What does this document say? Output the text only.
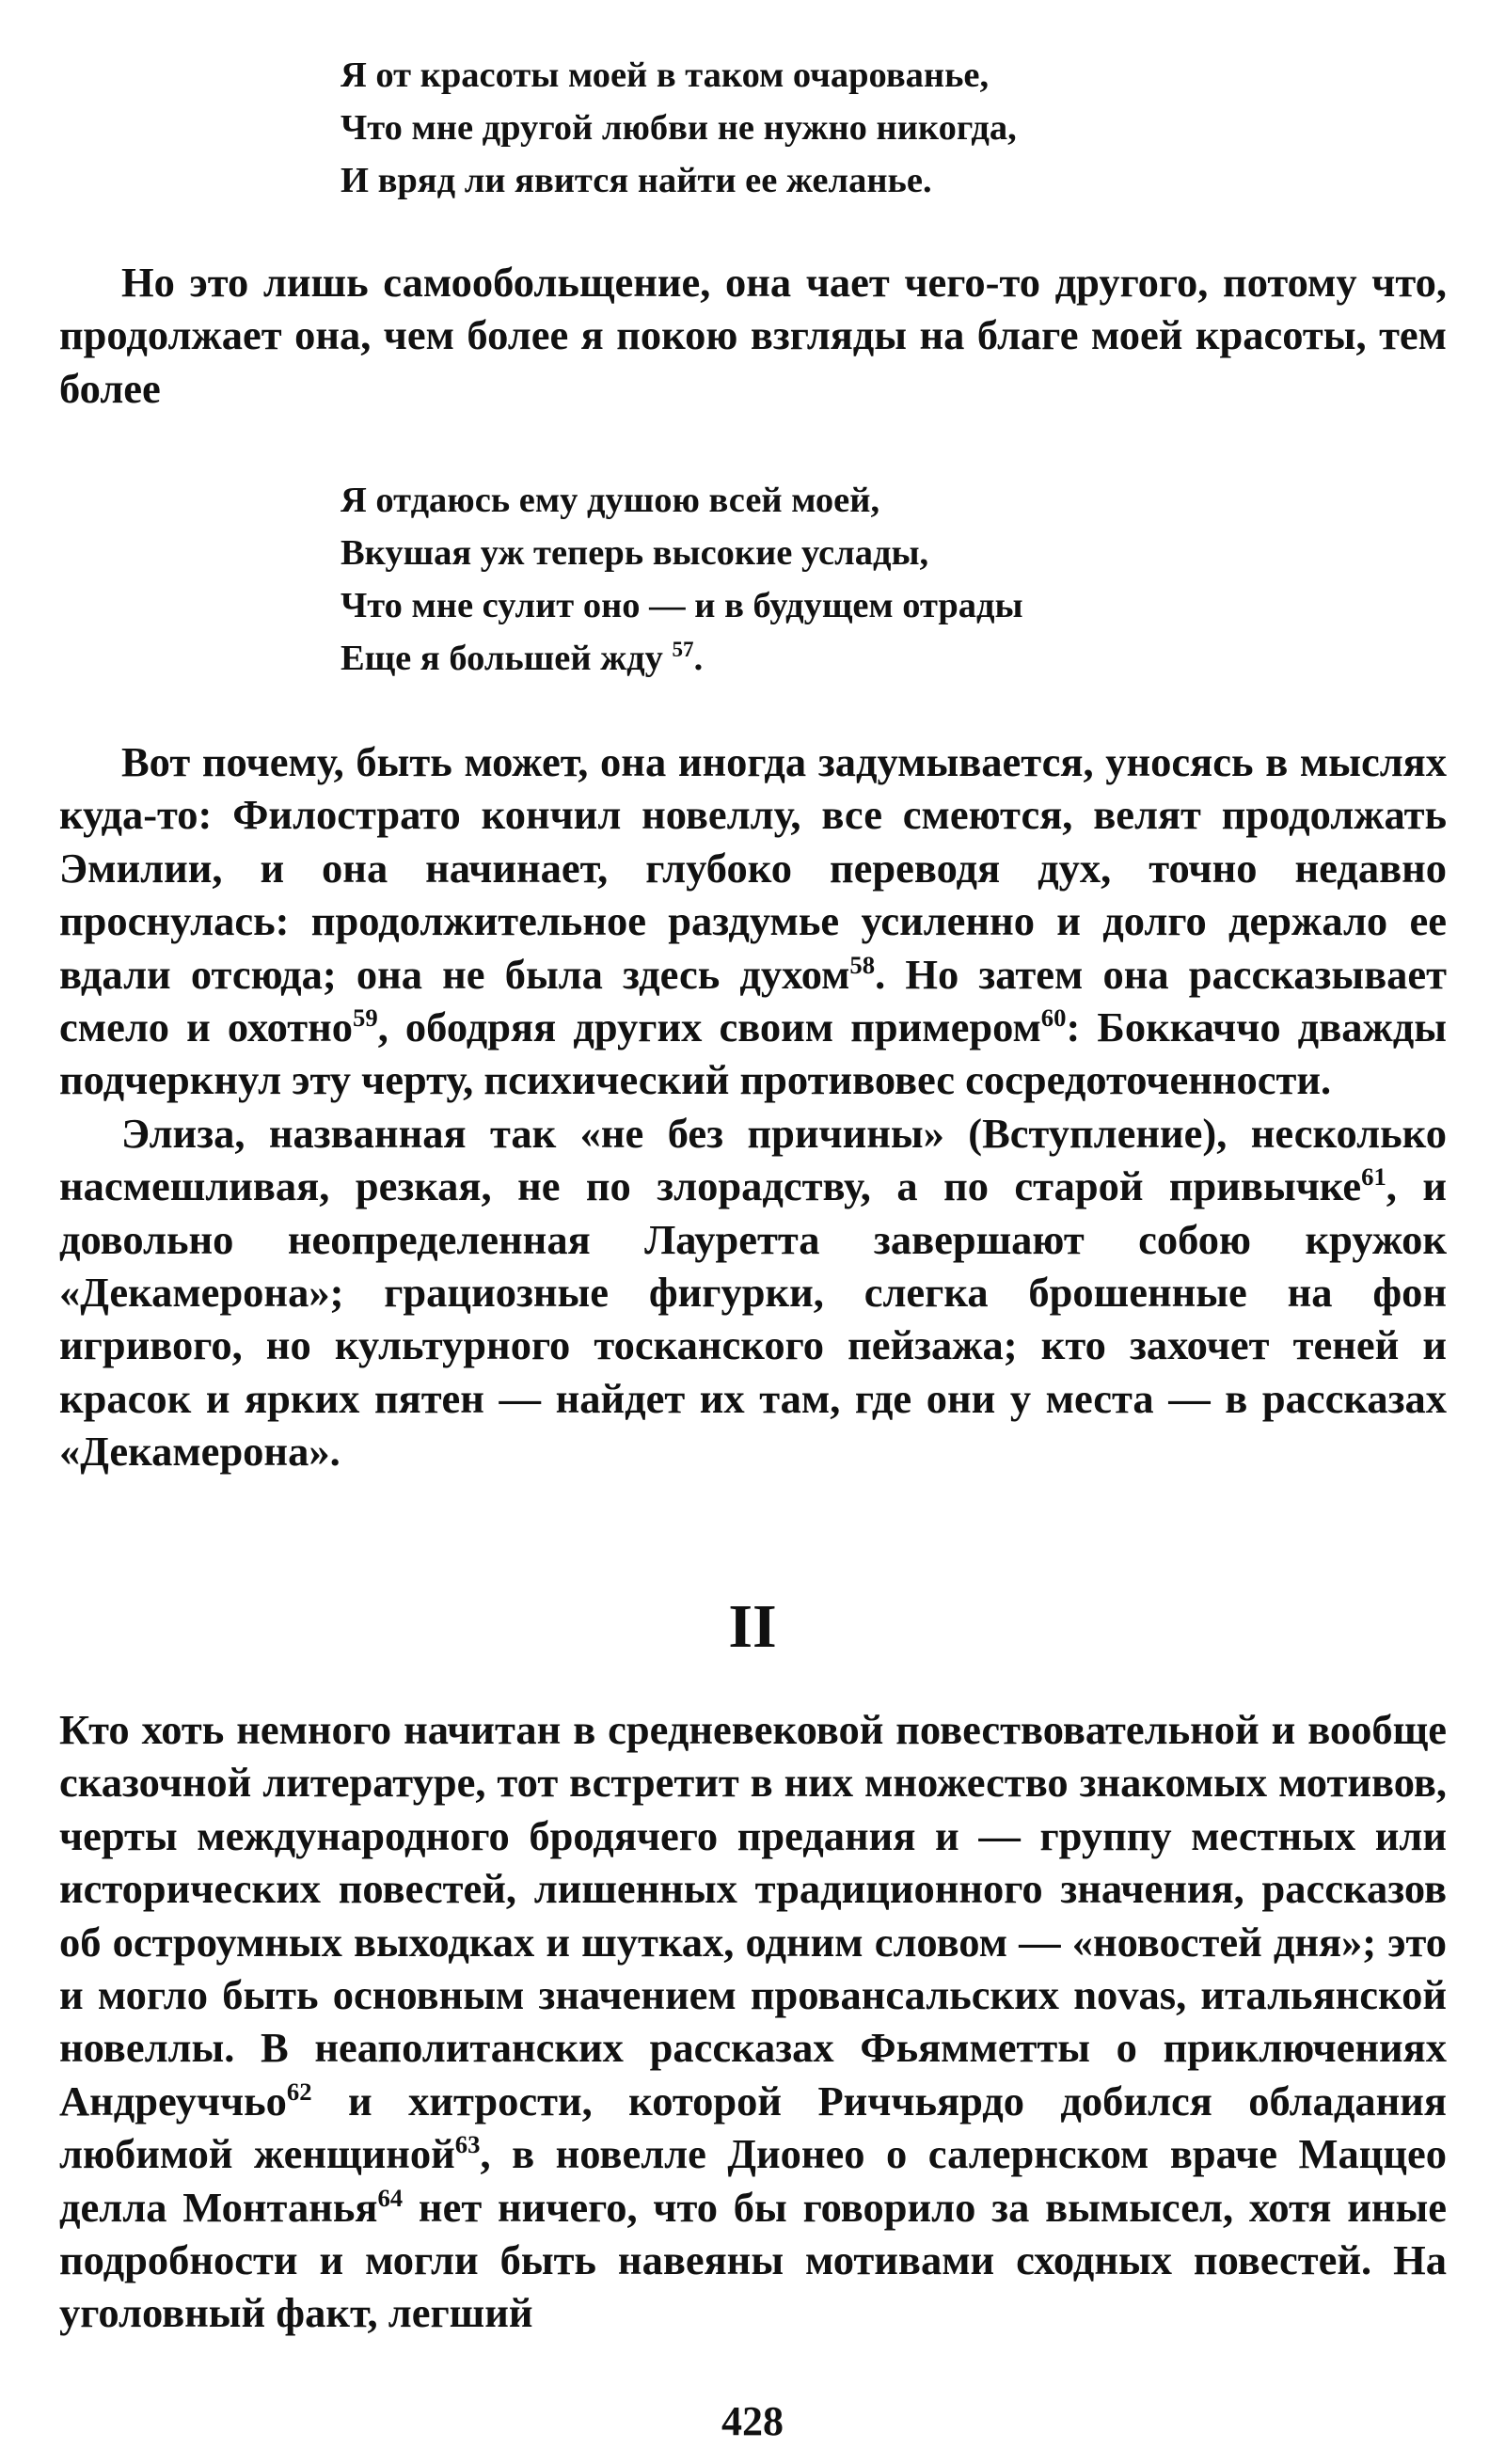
Я от красоты моей в таком очарованье,
Что мне другой любви не нужно никогда,
И вряд ли явится найти ее желанье.

Но это лишь самообольщение, она чает чего-то другого, потому что, продолжает она, чем более я покою взгляды на благе моей красоты, тем более

Я отдаюсь ему душою всей моей,
Вкушая уж теперь высокие услады,
Что мне сулит оно — и в будущем отрады
Еще я большей жду $^{57}$.

Вот почему, быть может, она иногда задумывается, уносясь в мыслях куда-то: Филострато кончил новеллу, все смеются, велят продолжать Эмилии, и она начинает, глубоко переводя дух, точно недавно проснулась: продолжительное раздумье усиленно и долго держало ее вдали отсюда; она не была здесь духом$^{58}$. Но затем она рассказывает смело и охотно$^{59}$, ободряя других своим примером$^{60}$: Боккаччо дважды подчеркнул эту черту, психический противовес сосредоточенности.

Элиза, названная так «не без причины» (Вступление), несколько насмешливая, резкая, не по злорадству, а по старой привычке$^{61}$, и довольно неопределенная Лауретта завершают собою кружок «Декамерона»; грациозные фигурки, слегка брошенные на фон игривого, но культурного тосканского пейзажа; кто захочет теней и красок и ярких пятен — найдет их там, где они у места — в рассказах «Декамерона».

II

Кто хоть немного начитан в средневековой повествовательной и вообще сказочной литературе, тот встретит в них множество знакомых мотивов, черты международного бродячего предания и — группу местных или исторических повестей, лишенных традиционного значения, рассказов об остроумных выходках и шутках, одним словом — «новостей дня»; это и могло быть основным значением провансальских novas, итальянской новеллы. В неаполитанских рассказах Фьямметты о приключениях Андреуччьо$^{62}$ и хитрости, которой Риччьярдо добился обладания любимой женщиной$^{63}$, в новелле Дионео о салернском враче Маццео делла Монтанья$^{64}$ нет ничего, что бы говорило за вымысел, хотя иные подробности и могли быть навеяны мотивами сходных повестей. На уголовный факт, легший

428
